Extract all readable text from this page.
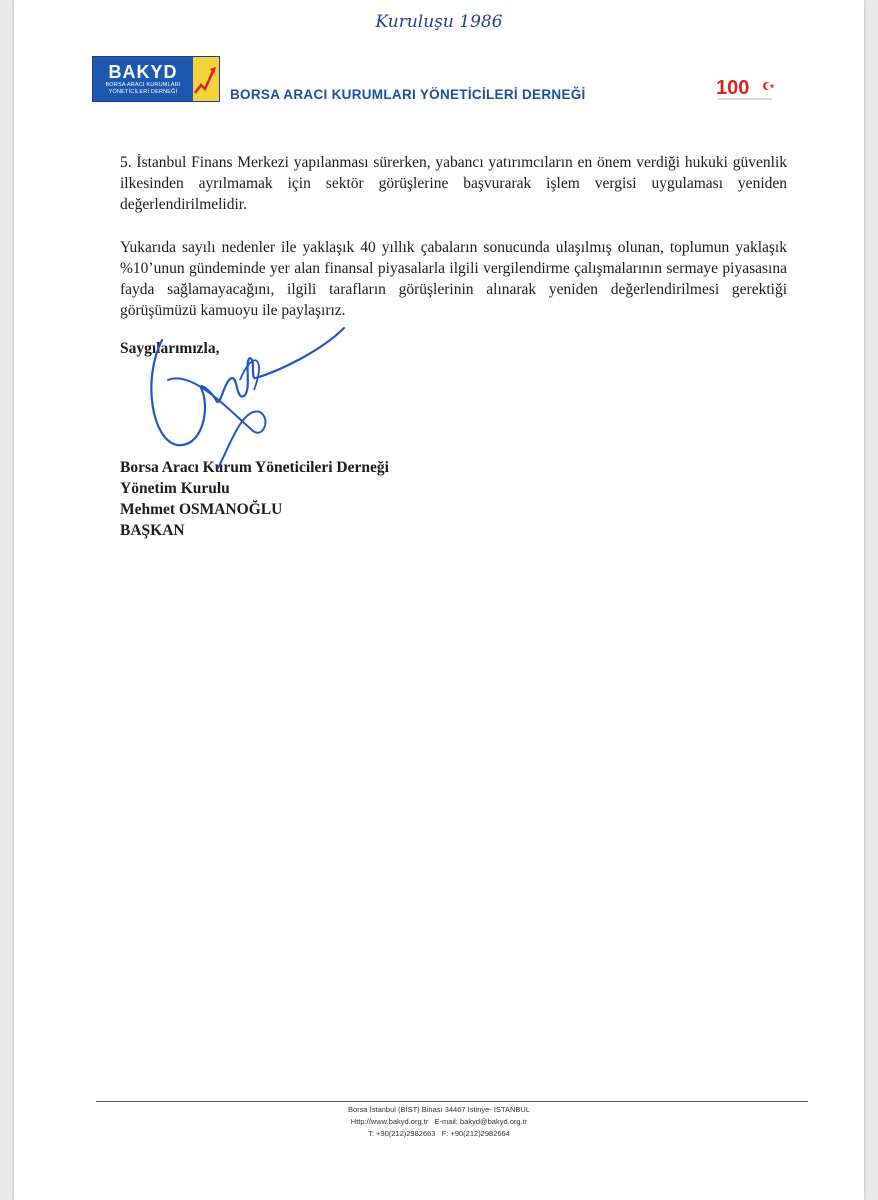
Kuruluşu 1986
BAKYD
BORSA ARACI KURUMLARI
YÖNETİCİLERİ DERNEĞİ	BORSA ARACI KURUMLARI YÖNETİCİLERİ DERNEĞİ	100
5. İstanbul Finans Merkezi yapılanması sürerken, yabancı yatırımcıların en önem verdiği hukuki güvenlik ilkesinden ayrılmamak için sektör görüşlerine başvurarak işlem vergisi uygulaması yeniden değerlendirilmelidir.
Yukarıda sayılı nedenler ile yaklaşık 40 yıllık çabaların sonucunda ulaşılmış olunan, toplumun yaklaşık %10’unun gündeminde yer alan finansal piyasalarla ilgili vergilendirme çalışmalarının sermaye piyasasına fayda sağlamayacağını, ilgili tarafların görüşlerinin alınarak yeniden değerlendirilmesi gerektiği görüşümüzü kamuoyu ile paylaşırız.
Saygılarımızla,
Borsa Aracı Kurum Yöneticileri Derneği
Yönetim Kurulu
Mehmet OSMANOĞLU
BAŞKAN
Borsa İstanbul (BİST) Binası 34467 İstinye- İSTANBUL
Http://www.bakyd.org.tr   E-mail: bakyd@bakyd.org.tr
T: +90(212)2982663   F: +90(212)2982664
